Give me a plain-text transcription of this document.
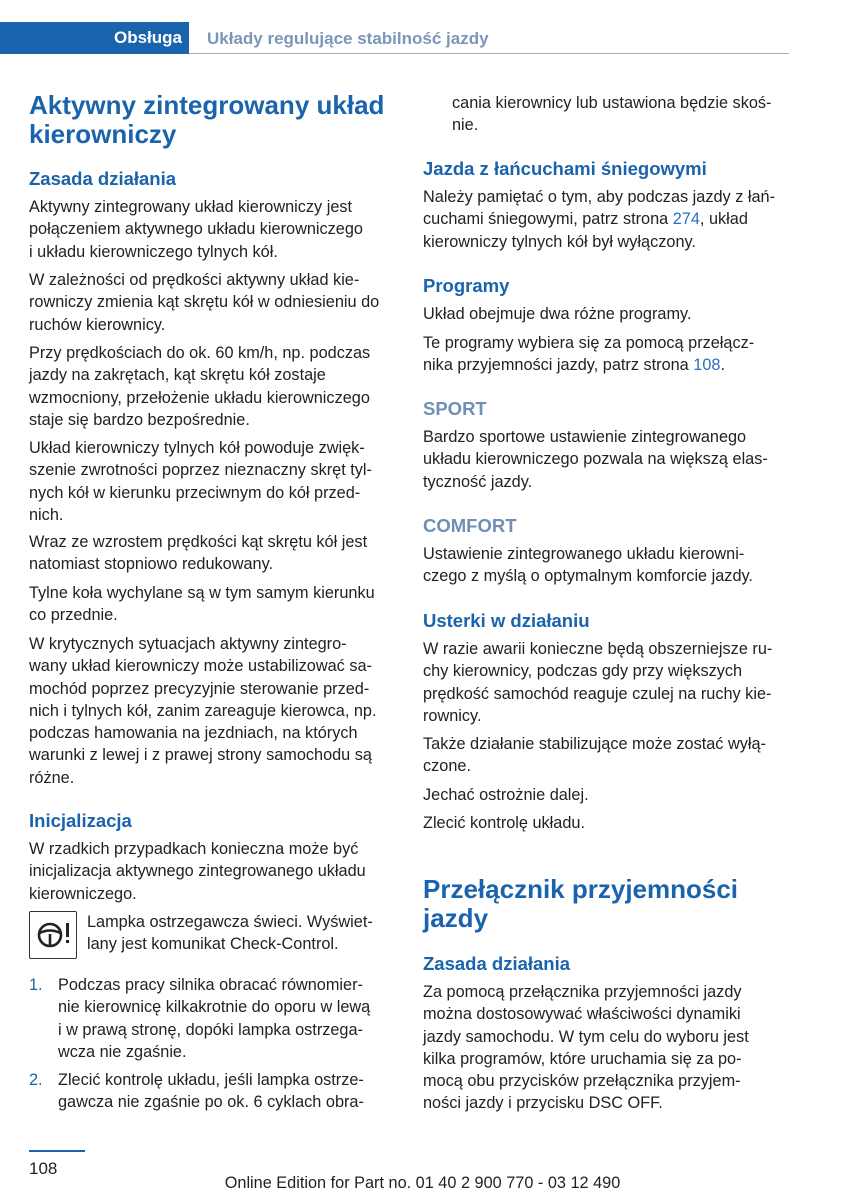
Obsługa Układy regulujące stabilność jazdy
Aktywny zintegrowany układ
kierowniczy
Zasada działania
Aktywny zintegrowany układ kierowniczy jest
połączeniem aktywnego układu kierowniczego
i układu kierowniczego tylnych kół.
W zależności od prędkości aktywny układ kie‐
rowniczy zmienia kąt skrętu kół w odniesieniu do
ruchów kierownicy.
Przy prędkościach do ok. 60 km/h, np. podczas
jazdy na zakrętach, kąt skrętu kół zostaje
wzmocniony, przełożenie układu kierowniczego
staje się bardzo bezpośrednie.
Układ kierowniczy tylnych kół powoduje zwięk‐
szenie zwrotności poprzez nieznaczny skręt tyl‐
nych kół w kierunku przeciwnym do kół przed‐
nich.
Wraz ze wzrostem prędkości kąt skrętu kół jest
natomiast stopniowo redukowany.
Tylne koła wychylane są w tym samym kierunku
co przednie.
W krytycznych sytuacjach aktywny zintegro‐
wany układ kierowniczy może ustabilizować sa‐
mochód poprzez precyzyjnie sterowanie przed‐
nich i tylnych kół, zanim zareaguje kierowca, np.
podczas hamowania na jezdniach, na których
warunki z lewej i z prawej strony samochodu są
różne.
Inicjalizacja
W rzadkich przypadkach konieczna może być
inicjalizacja aktywnego zintegrowanego układu
kierowniczego.
Lampka ostrzegawcza świeci. Wyświet‐
lany jest komunikat Check-Control.
1. Podczas pracy silnika obracać równomier‐
nie kierownicę kilkakrotnie do oporu w lewą
i w prawą stronę, dopóki lampka ostrzega‐
wcza nie zgaśnie.
2. Zlecić kontrolę układu, jeśli lampka ostrze‐
gawcza nie zgaśnie po ok. 6 cyklach obra‐
cania kierownicy lub ustawiona będzie skoś‐
nie.
Jazda z łańcuchami śniegowymi
Należy pamiętać o tym, aby podczas jazdy z łań‐
cuchami śniegowymi, patrz strona 274, układ
kierowniczy tylnych kół był wyłączony.
Programy
Układ obejmuje dwa różne programy.
Te programy wybiera się za pomocą przełącz‐
nika przyjemności jazdy, patrz strona 108.
SPORT
Bardzo sportowe ustawienie zintegrowanego
układu kierowniczego pozwala na większą elas‐
tyczność jazdy.
COMFORT
Ustawienie zintegrowanego układu kierowni‐
czego z myślą o optymalnym komforcie jazdy.
Usterki w działaniu
W razie awarii konieczne będą obszerniejsze ru‐
chy kierownicy, podczas gdy przy większych
prędkość samochód reaguje czulej na ruchy kie‐
rownicy.
Także działanie stabilizujące może zostać wyłą‐
czone.
Jechać ostrożnie dalej.
Zlecić kontrolę układu.
Przełącznik przyjemności
jazdy
Zasada działania
Za pomocą przełącznika przyjemności jazdy
można dostosowywać właściwości dynamiki
jazdy samochodu. W tym celu do wyboru jest
kilka programów, które uruchamia się za po‐
mocą obu przycisków przełącznika przyjem‐
ności jazdy i przycisku DSC OFF.
108
Online Edition for Part no. 01 40 2 900 770 - 03 12 490
